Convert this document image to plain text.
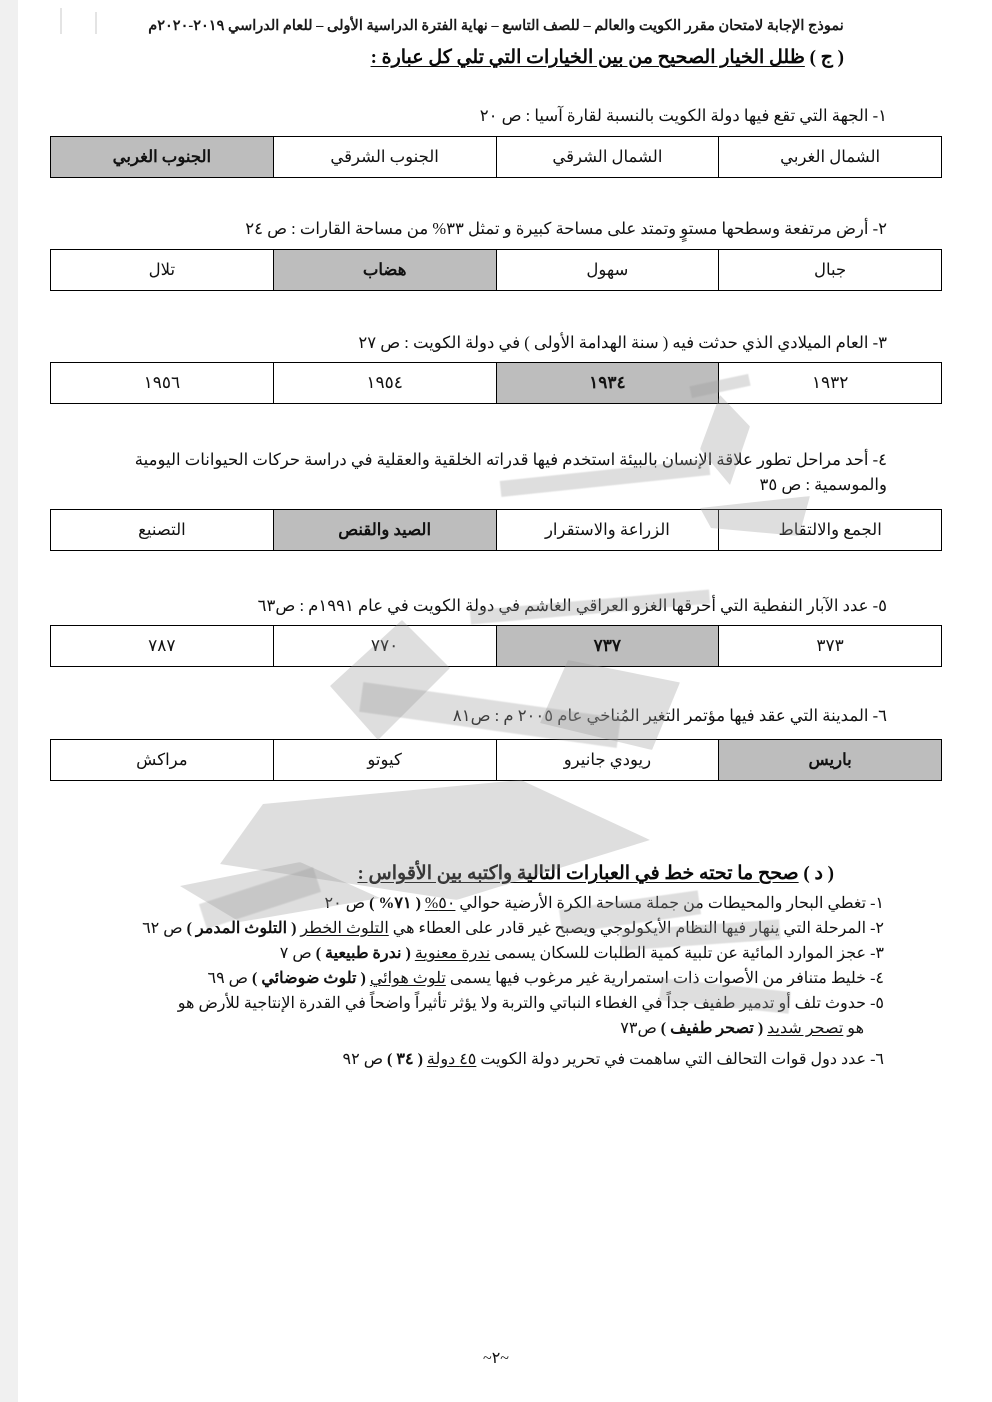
نموذج الإجابة لامتحان مقرر الكويت والعالم – للصف التاسع – نهاية الفترة الدراسية الأولى – للعام الدراسي ٢٠١٩-٢٠٢٠م
( ج ) ظلل الخيار الصحيح من بين الخيارات التي تلي كل عبارة :
١- الجهة التي تقع فيها دولة الكويت بالنسبة لقارة آسيا : ص ٢٠
الشمال الغربي
الشمال الشرقي
الجنوب الشرقي
الجنوب الغربي
٢- أرض مرتفعة وسطحها مستوٍ وتمتد على مساحة كبيرة و تمثل ٣٣% من مساحة القارات : ص ٢٤
جبال
سهول
هضاب
تلال
٣- العام الميلادي الذي حدثت فيه ( سنة الهدامة الأولى ) في دولة الكويت : ص ٢٧
١٩٣٢
١٩٣٤
١٩٥٤
١٩٥٦
٤- أحد مراحل تطور علاقة الإنسان بالبيئة استخدم فيها قدراته الخلقية والعقلية في دراسة حركات الحيوانات اليومية والموسمية : ص ٣٥
الجمع والالتقاط
الزراعة والاستقرار
الصيد والقنص
التصنيع
٥- عدد الآبار النفطية التي أحرقها الغزو العراقي الغاشم في دولة الكويت في عام ١٩٩١م : ص٦٣
٣٧٣
٧٣٧
٧٧٠
٧٨٧
٦- المدينة التي عقد فيها مؤتمر التغير المُناخي عام ٢٠٠٥ م : ص٨١
باريس
ريودي جانيرو
كيوتو
مراكش
( د ) صحح ما تحته خط في العبارات التالية واكتبه بين الأقواس :
١- تغطي البحار والمحيطات من جملة مساحة الكرة الأرضية حوالي ٥٠% ( ٧١% ) ص ٢٠
٢- المرحلة التي ينهار فيها النظام الأيكولوجي ويصبح غير قادر على العطاء هي التلوث الخطر ( التلوث المدمر ) ص ٦٢
٣- عجز الموارد المائية عن تلبية كمية الطلبات للسكان يسمى ندرة معنوية ( ندرة طبيعية ) ص ٧
٤- خليط متنافر من الأصوات ذات استمرارية غير مرغوب فيها يسمى تلوث هوائي ( تلوث ضوضائي ) ص ٦٩
٥- حدوث تلف أو تدمير طفيف جداً في الغطاء النباتي والتربة ولا يؤثر تأثيراً واضحاً في القدرة الإنتاجية للأرض هو
هو تصحر شديد ( تصحر طفيف ) ص٧٣
٦- عدد دول قوات التحالف التي ساهمت في تحرير دولة الكويت ٤٥ دولة ( ٣٤ ) ص ٩٢
~٢~
